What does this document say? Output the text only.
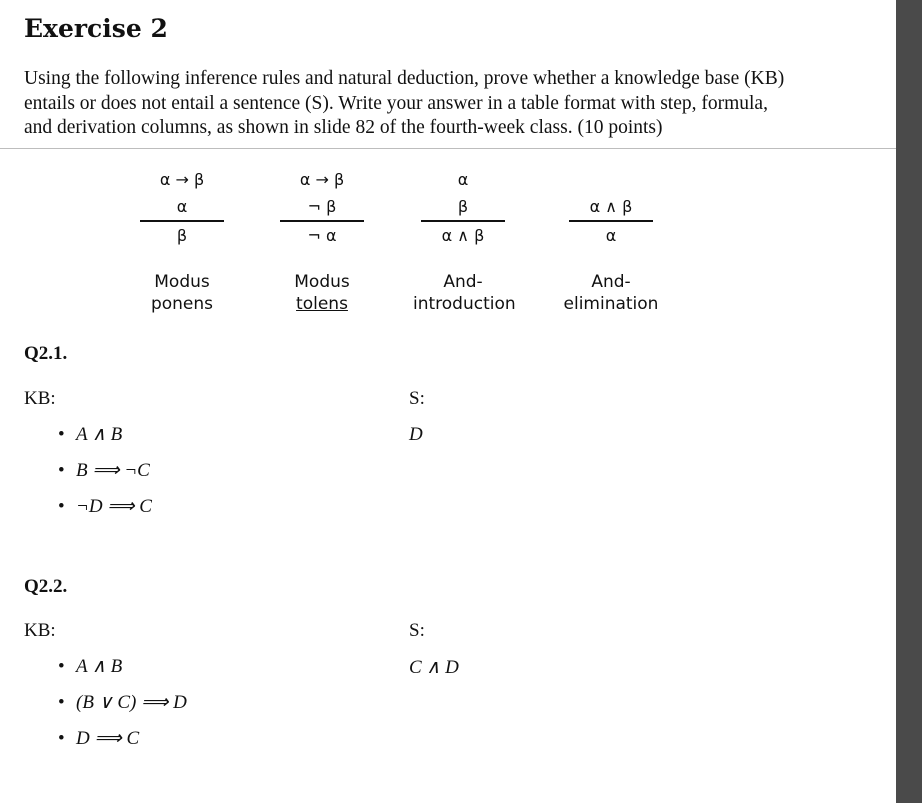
Exercise 2

Using the following inference rules and natural deduction, prove whether a knowledge base (KB) entails or does not entail a sentence (S). Write your answer in a table format with step, formula, and derivation columns, as shown in slide 82 of the fourth-week class. (10 points)

α → β
α
β
Modus
ponens
α → β
¬ β
¬ α
Modus
tolens
α
β
α ∧ β
And-
introduction
α ∧ β
α
And-
elimination
Q2.1.
KB:	S:
• A ∧ B
• B ⟹ ¬C
• ¬D ⟹ C
D
Q2.2.
KB:	S:
• A ∧ B
• (B ∨ C) ⟹ D
• D ⟹ C
C ∧ D
